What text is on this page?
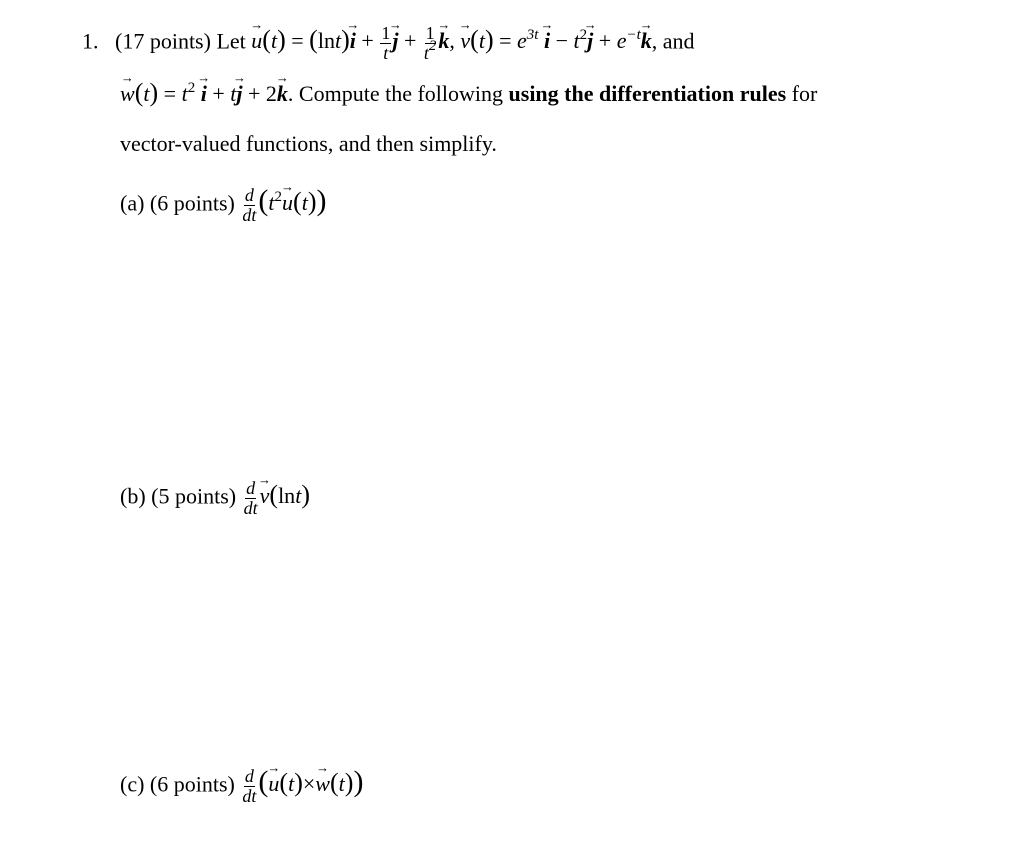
1. (17 points) Let → $u(t) = (\ln t)\to i + \frac{1}{t}$
→ $j + \frac{1}{t^2}$
→ k, → $v(t) = e^{3t} \to i - t^2\to j + e^{-t}\to k$, and
→ $w(t) = t^2 \to i + t\to j + 2\to k$. Compute the following using the differentiation rules for
vector-valued functions, and then simplify.
(a) (6 points) $\frac{d}{dt} (t^2\to u(t))$
(b) (5 points) $\frac{d}{dt}$
→ v(lnt)
(c) (6 points) $\frac{d}{dt}$ (→ u(t)×→ w(t))
